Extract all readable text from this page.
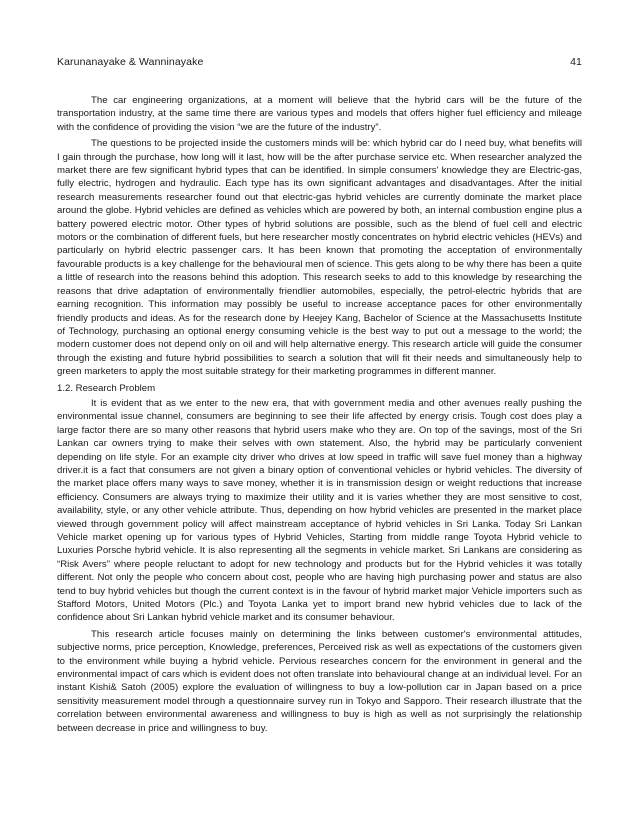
Karunanayake & Wanninayake	41

The car engineering organizations, at a moment will believe that the hybrid cars will be the future of the transportation industry, at the same time there are various types and models that offers higher fuel efficiency and mileage with the confidence of providing the vision “we are the future of the industry”.

The questions to be projected inside the customers minds will be: which hybrid car do I need buy, what benefits will I gain through the purchase, how long will it last, how will be the after purchase service etc. When researcher analyzed the market there are few significant hybrid types that can be identified. In simple consumers' knowledge they are Electric-gas, fully electric, hydrogen and hydraulic. Each type has its own significant advantages and disadvantages. After the initial research measurements researcher found out that electric-gas hybrid vehicles are currently dominate the market place around the globe. Hybrid vehicles are defined as vehicles which are powered by both, an internal combustion engine plus a battery powered electric motor. Other types of hybrid solutions are possible, such as the blend of fuel cell and electric motors or the combination of different fuels, but here researcher mostly concentrates on hybrid electric vehicles (HEVs) and particularly on hybrid electric passenger cars. It has been known that promoting the acceptation of environmentally favourable products is a key challenge for the behavioural men of science. This gets along to be why there has been a quite a little of research into the reasons behind this adoption. This research seeks to add to this knowledge by researching the reasons that drive adaptation of environmentally friendlier automobiles, especially, the petrol-electric hybrids that are earning recognition. This information may possibly be useful to increase acceptance paces for other environmentally friendly products and ideas. As for the research done by Heejey Kang, Bachelor of Science at the Massachusetts Institute of Technology, purchasing an optional energy consuming vehicle is the best way to put out a message to the world; the modern customer does not depend only on oil and will help alternative energy. This research article will guide the consumer through the existing and future hybrid possibilities to search a solution that will fit their needs and simultaneously help to green marketers to apply the most suitable strategy for their marketing programmes in different manner.

1.2. Research Problem

It is evident that as we enter to the new era, that with government media and other avenues really pushing the environmental issue channel, consumers are beginning to see their life affected by energy crisis. Tough cost does play a large factor there are so many other reasons that hybrid users make who they are. On top of the savings, most of the Sri Lankan car owners trying to make their selves with own statement. Also, the hybrid may be particularly convenient depending on life style. For an example city driver who drives at low speed in traffic will save fuel money than a highway driver.it is a fact that consumers are not given a binary option of conventional vehicles or hybrid vehicles. The diversity of the market place offers many ways to save money, whether it is in transmission design or weight reductions that increase efficiency. Consumers are always trying to maximize their utility and it is varies whether they are most sensitive to cost, availability, style, or any other vehicle attribute. Thus, depending on how hybrid vehicles are presented in the market place viewed through government policy will affect mainstream acceptance of hybrid vehicles in Sri Lanka. Today Sri Lankan Vehicle market opening up for various types of Hybrid Vehicles, Starting from middle range Toyota Hybrid vehicle to Luxuries Porsche hybrid vehicle. It is also representing all the segments in vehicle market. Sri Lankans are considering as “Risk Avers” where people reluctant to adopt for new technology and products but for the Hybrid vehicles it was totally different. Not only the people who concern about cost, people who are having high purchasing power and status are also tend to buy hybrid vehicles but though the current context is in the favour of hybrid market major Vehicle importers such as Stafford Motors, United Motors (Plc.) and Toyota Lanka yet to import brand new hybrid vehicles due to lack of the confidence about Sri Lankan hybrid vehicle market and its consumer behaviour.

This research article focuses mainly on determining the links between customer's environmental attitudes, subjective norms, price perception, Knowledge, preferences, Perceived risk as well as expectations of the customers given to the environment while buying a hybrid vehicle. Pervious researches concern for the environment in general and the environmental impact of cars which is evident does not often translate into behavioural change at an individual level. For an instant Kishi& Satoh (2005) explore the evaluation of willingness to buy a low-pollution car in Japan based on a price sensitivity measurement model through a questionnaire survey run in Tokyo and Sapporo. Their research illustrate that the correlation between environmental awareness and willingness to buy is high as well as not surprisingly the relationship between decrease in price and willingness to buy.
